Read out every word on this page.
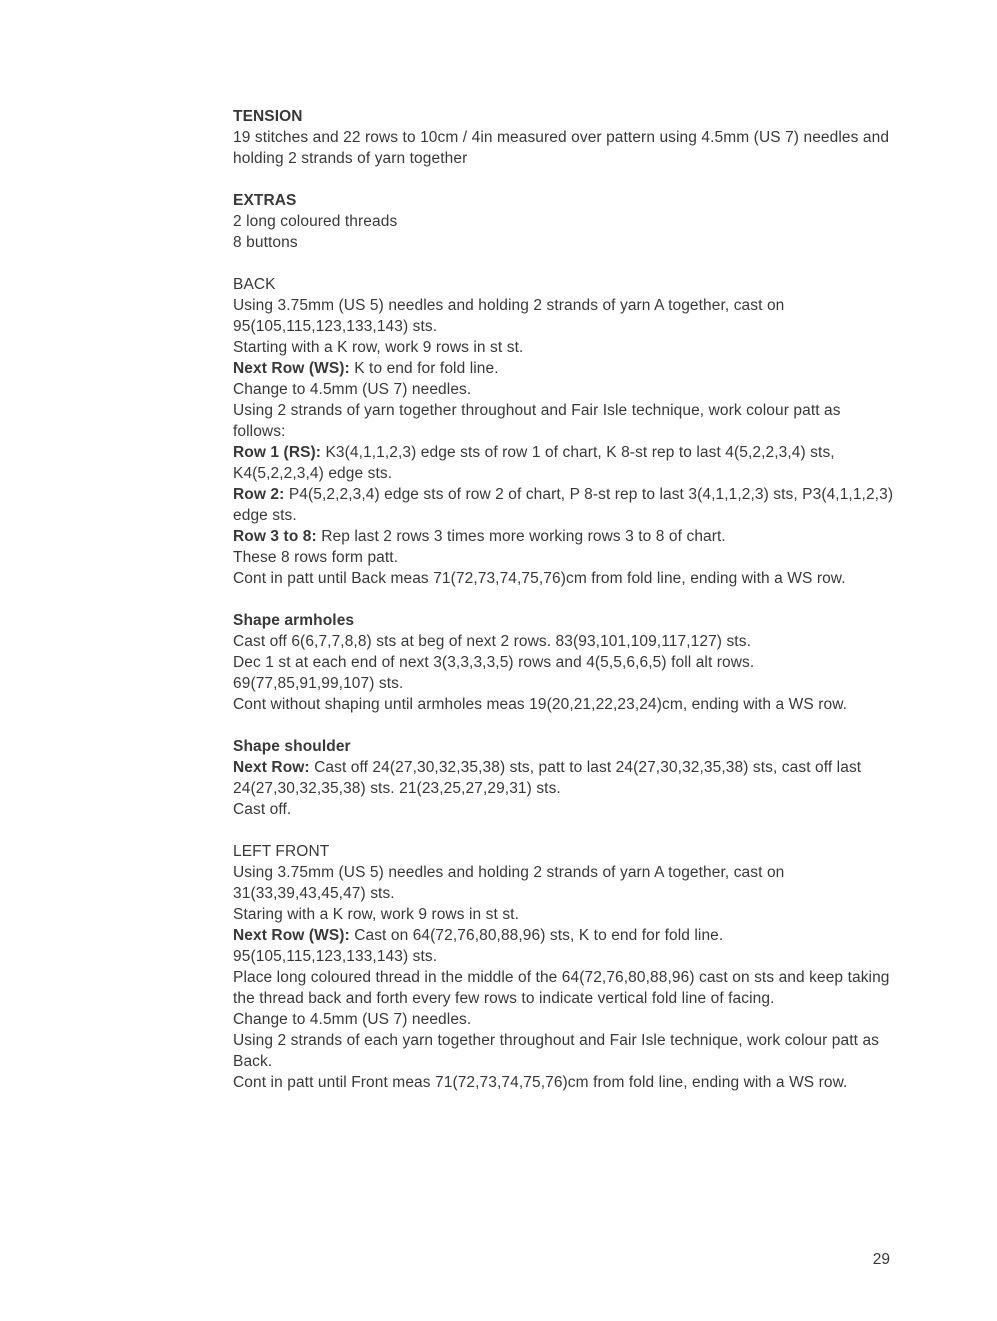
TENSION

19 stitches and 22 rows to 10cm / 4in measured over pattern using 4.5mm (US 7) needles and holding 2 strands of yarn together

EXTRAS

2 long coloured threads

8 buttons

BACK

Using 3.75mm (US 5) needles and holding 2 strands of yarn A together, cast on 95(105,115,123,133,143) sts.

Starting with a K row, work 9 rows in st st.

Next Row (WS): K to end for fold line.

Change to 4.5mm (US 7) needles.

Using 2 strands of yarn together throughout and Fair Isle technique, work colour patt as follows:

Row 1 (RS): K3(4,1,1,2,3) edge sts of row 1 of chart, K 8-st rep to last 4(5,2,2,3,4) sts, K4(5,2,2,3,4) edge sts.

Row 2: P4(5,2,2,3,4) edge sts of row 2 of chart, P 8-st rep to last 3(4,1,1,2,3) sts, P3(4,1,1,2,3) edge sts.

Row 3 to 8: Rep last 2 rows 3 times more working rows 3 to 8 of chart.

These 8 rows form patt.

Cont in patt until Back meas 71(72,73,74,75,76)cm from fold line, ending with a WS row.

Shape armholes

Cast off 6(6,7,7,8,8) sts at beg of next 2 rows. 83(93,101,109,117,127) sts.

Dec 1 st at each end of next 3(3,3,3,3,5) rows and 4(5,5,6,6,5) foll alt rows. 69(77,85,91,99,107) sts.

Cont without shaping until armholes meas 19(20,21,22,23,24)cm, ending with a WS row.

Shape shoulder

Next Row: Cast off 24(27,30,32,35,38) sts, patt to last 24(27,30,32,35,38) sts, cast off last 24(27,30,32,35,38) sts. 21(23,25,27,29,31) sts.

Cast off.

LEFT FRONT

Using 3.75mm (US 5) needles and holding 2 strands of yarn A together, cast on 31(33,39,43,45,47) sts.

Staring with a K row, work 9 rows in st st.

Next Row (WS): Cast on 64(72,76,80,88,96) sts, K to end for fold line. 95(105,115,123,133,143) sts.

Place long coloured thread in the middle of the 64(72,76,80,88,96) cast on sts and keep taking the thread back and forth every few rows to indicate vertical fold line of facing.

Change to 4.5mm (US 7) needles.

Using 2 strands of each yarn together throughout and Fair Isle technique, work colour patt as Back.

Cont in patt until Front meas 71(72,73,74,75,76)cm from fold line, ending with a WS row.

29
